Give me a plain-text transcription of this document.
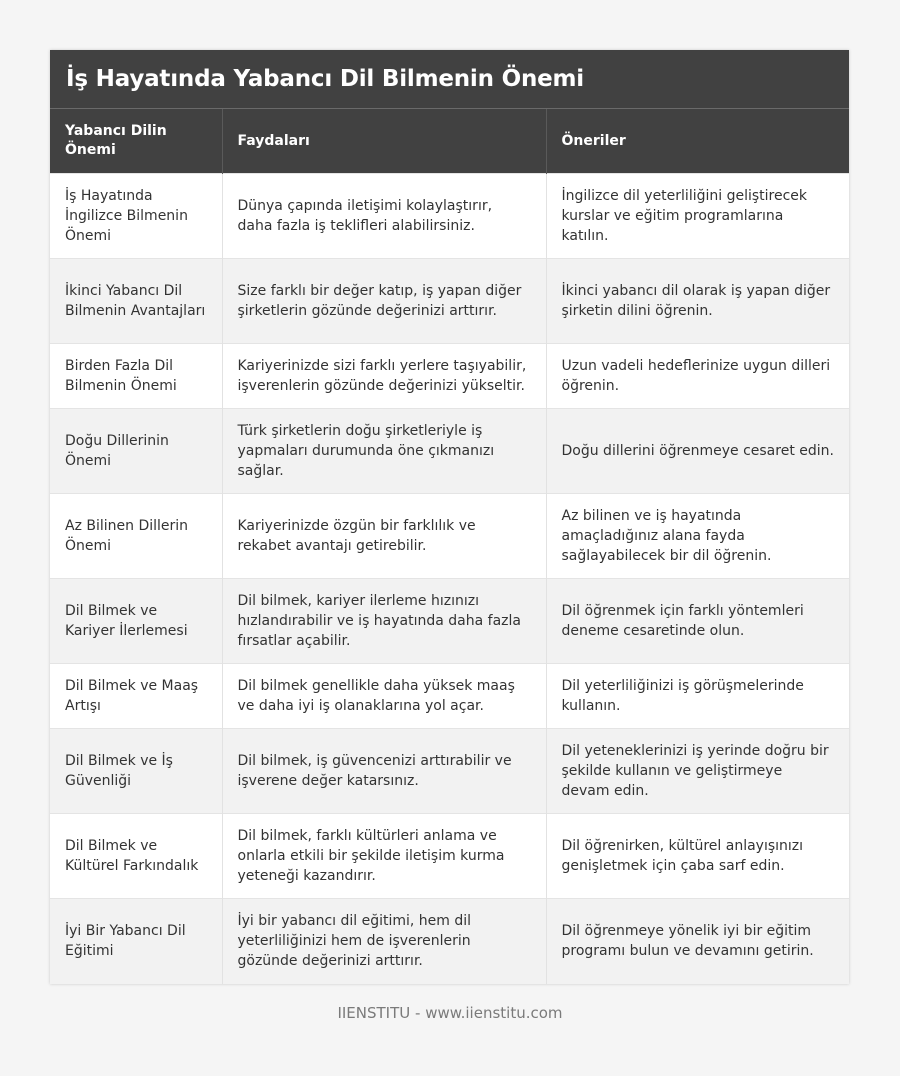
İş Hayatında Yabancı Dil Bilmenin Önemi
Yabancı Dilin Önemi	Faydaları	Öneriler
İş Hayatında İngilizce Bilmenin Önemi	Dünya çapında iletişimi kolaylaştırır, daha fazla iş teklifleri alabilirsiniz.	İngilizce dil yeterliliğini geliştirecek kurslar ve eğitim programlarına katılın.
İkinci Yabancı Dil Bilmenin Avantajları	Size farklı bir değer katıp, iş yapan diğer şirketlerin gözünde değerinizi arttırır.	İkinci yabancı dil olarak iş yapan diğer şirketin dilini öğrenin.
Birden Fazla Dil Bilmenin Önemi	Kariyerinizde sizi farklı yerlere taşıyabilir, işverenlerin gözünde değerinizi yükseltir.	Uzun vadeli hedeflerinize uygun dilleri öğrenin.
Doğu Dillerinin Önemi	Türk şirketlerin doğu şirketleriyle iş yapmaları durumunda öne çıkmanızı sağlar.	Doğu dillerini öğrenmeye cesaret edin.
Az Bilinen Dillerin Önemi	Kariyerinizde özgün bir farklılık ve rekabet avantajı getirebilir.	Az bilinen ve iş hayatında amaçladığınız alana fayda sağlayabilecek bir dil öğrenin.
Dil Bilmek ve Kariyer İlerlemesi	Dil bilmek, kariyer ilerleme hızınızı hızlandırabilir ve iş hayatında daha fazla fırsatlar açabilir.	Dil öğrenmek için farklı yöntemleri deneme cesaretinde olun.
Dil Bilmek ve Maaş Artışı	Dil bilmek genellikle daha yüksek maaş ve daha iyi iş olanaklarına yol açar.	Dil yeterliliğinizi iş görüşmelerinde kullanın.
Dil Bilmek ve İş Güvenliği	Dil bilmek, iş güvencenizi arttırabilir ve işverene değer katarsınız.	Dil yeteneklerinizi iş yerinde doğru bir şekilde kullanın ve geliştirmeye devam edin.
Dil Bilmek ve Kültürel Farkındalık	Dil bilmek, farklı kültürleri anlama ve onlarla etkili bir şekilde iletişim kurma yeteneği kazandırır.	Dil öğrenirken, kültürel anlayışınızı genişletmek için çaba sarf edin.
İyi Bir Yabancı Dil Eğitimi	İyi bir yabancı dil eğitimi, hem dil yeterliliğinizi hem de işverenlerin gözünde değerinizi arttırır.	Dil öğrenmeye yönelik iyi bir eğitim programı bulun ve devamını getirin.
IIENSTITU - www.iienstitu.com
